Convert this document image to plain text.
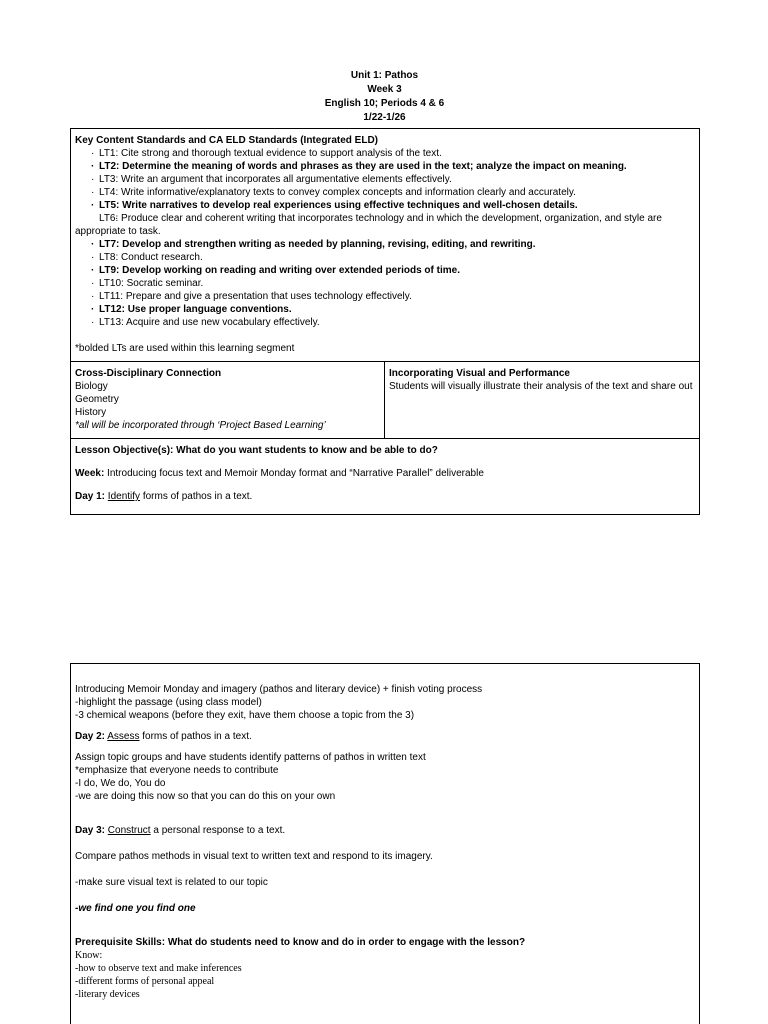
Unit 1: Pathos
Week 3
English 10; Periods 4 & 6
1/22-1/26

Key Content Standards and CA ELD Standards (Integrated ELD)

· LT1: Cite strong and thorough textual evidence to support analysis of the text.

· LT2: Determine the meaning of words and phrases as they are used in the text; analyze the impact on meaning.

· LT3: Write an argument that incorporates all argumentative elements effectively.

· LT4: Write informative/explanatory texts to convey complex concepts and information clearly and accurately.

· LT5: Write narratives to develop real experiences using effective techniques and well-chosen details.

· LT6: Produce clear and coherent writing that incorporates technology and in which the development, organization, and style are appropriate to task.

· LT7: Develop and strengthen writing as needed by planning, revising, editing, and rewriting.

· LT8: Conduct research.

· LT9: Develop working on reading and writing over extended periods of time.

· LT10: Socratic seminar.

· LT11: Prepare and give a presentation that uses technology effectively.

· LT12: Use proper language conventions.

· LT13: Acquire and use new vocabulary effectively.

*bolded LTs are used within this learning segment

Cross-Disciplinary Connection

Biology

Geometry

History

*all will be incorporated through ‘Project Based Learning’

Incorporating Visual and Performance

Students will visually illustrate their analysis of the text and share out

Lesson Objective(s): What do you want students to know and be able to do?

Week: Introducing focus text and Memoir Monday format and “Narrative Parallel” deliverable

Day 1: Identify forms of pathos in a text.

Introducing Memoir Monday and imagery (pathos and literary device) + finish voting process

-highlight the passage (using class model)

-3 chemical weapons (before they exit, have them choose a topic from the 3)

Day 2: Assess forms of pathos in a text.

Assign topic groups and have students identify patterns of pathos in written text

*emphasize that everyone needs to contribute

-I do, We do, You do

-we are doing this now so that you can do this on your own

Day 3: Construct a personal response to a text.

Compare pathos methods in visual text to written text and respond to its imagery.

-make sure visual text is related to our topic

-we find one you find one

Prerequisite Skills: What do students need to know and do in order to engage with the lesson?

Know:

-how to observe text and make inferences

-different forms of personal appeal

-literary devices
